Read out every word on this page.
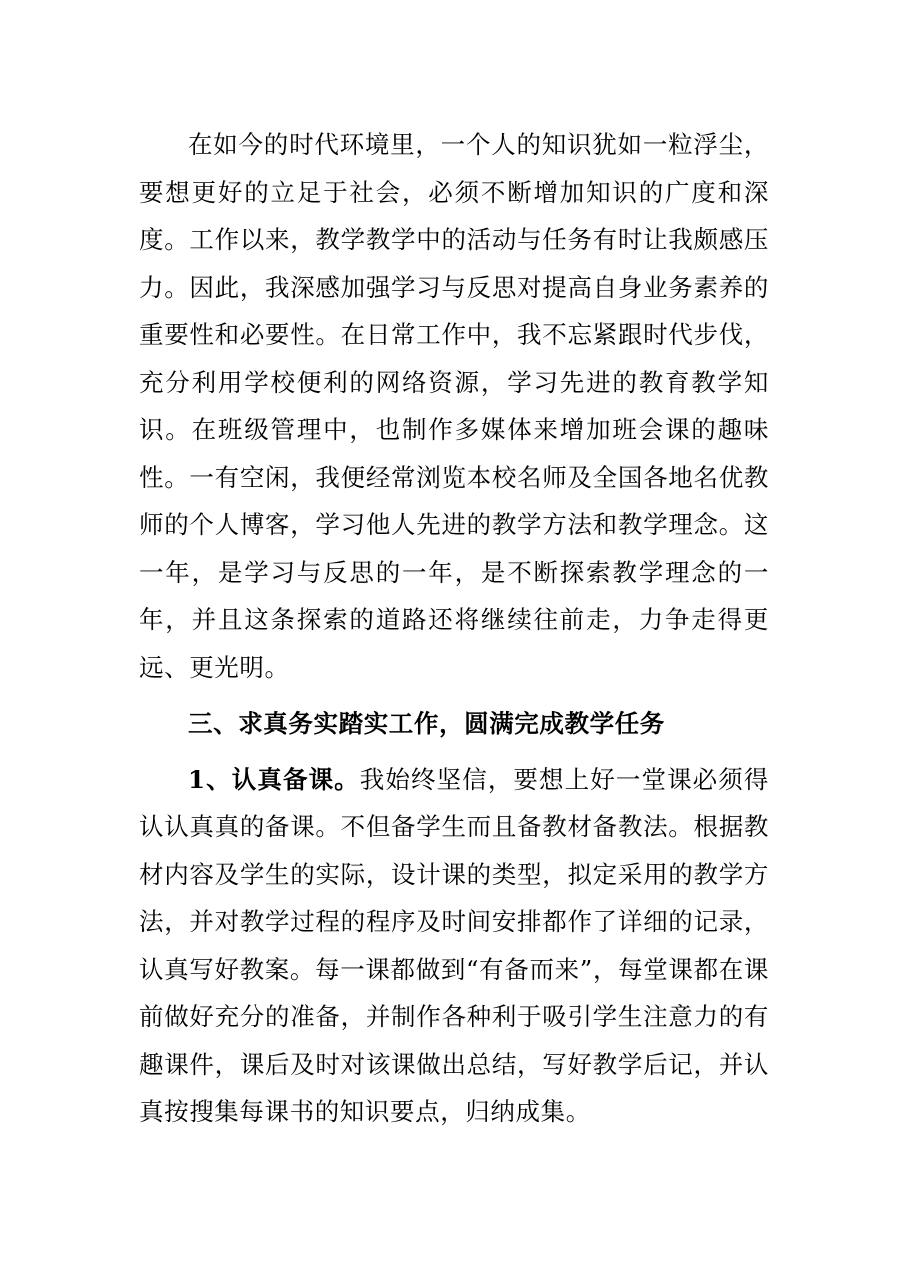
在如今的时代环境里，一个人的知识犹如一粒浮尘，要想更好的立足于社会，必须不断增加知识的广度和深度。工作以来，教学教学中的活动与任务有时让我颇感压力。因此，我深感加强学习与反思对提高自身业务素养的重要性和必要性。在日常工作中，我不忘紧跟时代步伐，充分利用学校便利的网络资源，学习先进的教育教学知识。在班级管理中，也制作多媒体来增加班会课的趣味性。一有空闲，我便经常浏览本校名师及全国各地名优教师的个人博客，学习他人先进的教学方法和教学理念。这一年，是学习与反思的一年，是不断探索教学理念的一年，并且这条探索的道路还将继续往前走，力争走得更远、更光明。

三、求真务实踏实工作，圆满完成教学任务

1、认真备课。我始终坚信，要想上好一堂课必须得认认真真的备课。不但备学生而且备教材备教法。根据教材内容及学生的实际，设计课的类型，拟定采用的教学方法，并对教学过程的程序及时间安排都作了详细的记录，认真写好教案。每一课都做到“有备而来”，每堂课都在课前做好充分的准备，并制作各种利于吸引学生注意力的有趣课件，课后及时对该课做出总结，写好教学后记，并认真按搜集每课书的知识要点，归纳成集。
